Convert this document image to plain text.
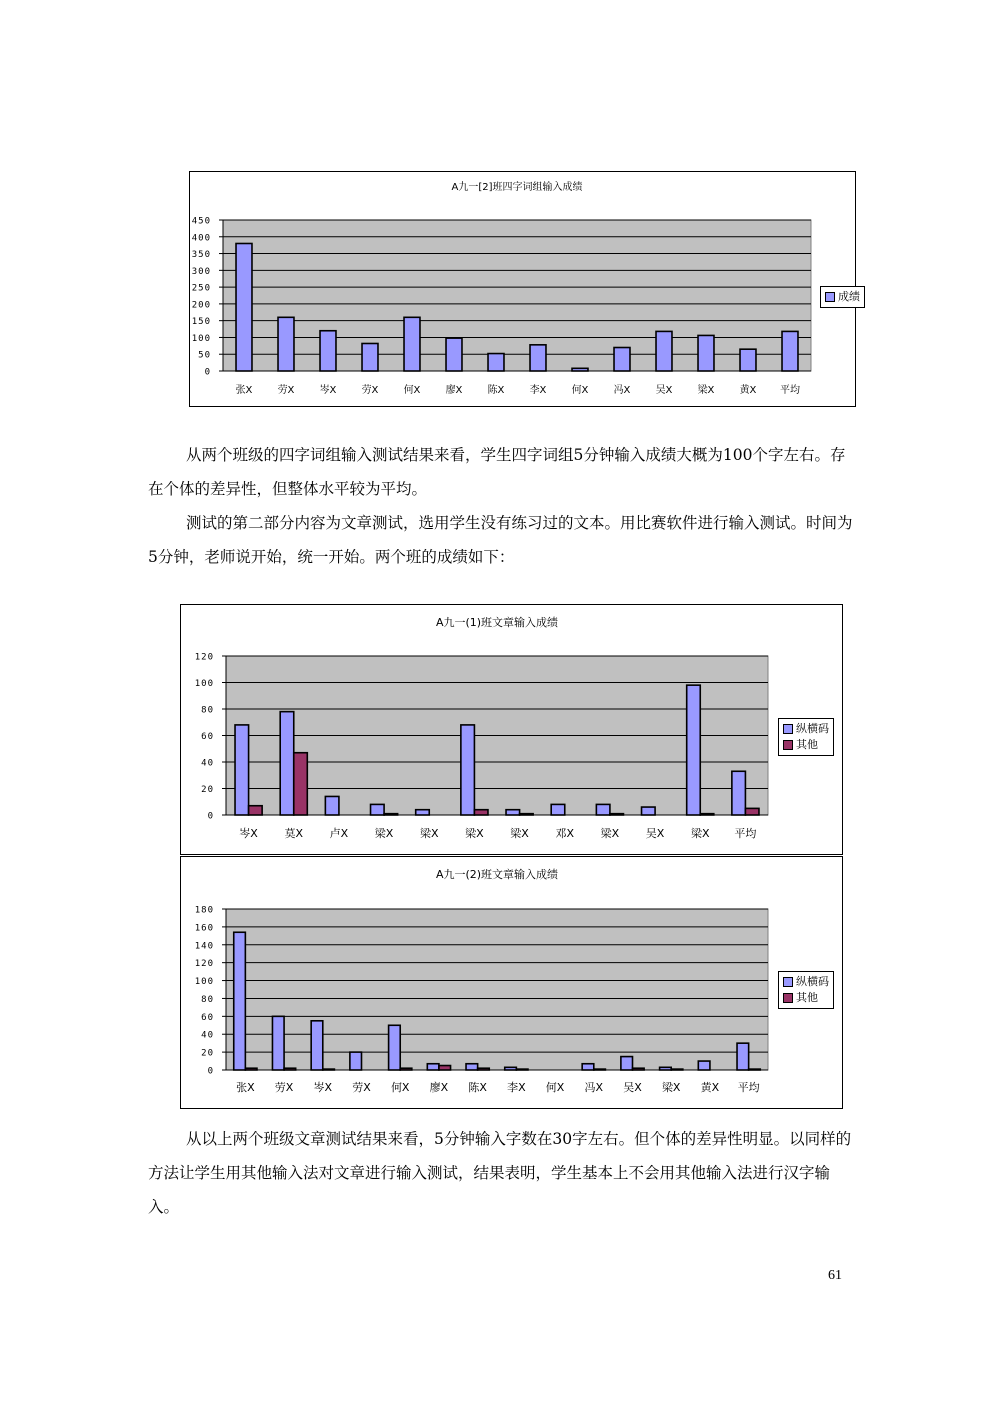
A九一[2]班四字词组输入成绩
0
50
100
150
200
250
300
350
400
450
张X	劳X	岑X	劳X	何X	廖X	陈X	李X	何X	冯X	吴X	梁X	黄X 平均
成绩

从两个班级的四字词组输入测试结果来看，学生四字词组5分钟输入成绩大概为100个字左右。存在个体的差异性，但整体水平较为平均。

测试的第二部分内容为文章测试，选用学生没有练习过的文本。用比赛软件进行输入测试。时间为5分钟，老师说开始，统一开始。两个班的成绩如下：

A九一(1)班文章输入成绩
0
20
40
60
80
100
120
岑X 莫X 卢X 梁X 梁X 梁X 梁X 邓X 梁X 吴X 梁X 平均
纵横码
其他
A九一(2)班文章输入成绩
0
20
40
60
80
100
120
140
160
180
张X 劳X 岑X 劳X 何X 廖X 陈X 李X 何X 冯X 吴X 梁X 黄X 平均
纵横码
其他

从以上两个班级文章测试结果来看，5分钟输入字数在30字左右。但个体的差异性明显。以同样的方法让学生用其他输入法对文章进行输入测试，结果表明，学生基本上不会用其他输入法进行汉字输入。

61
